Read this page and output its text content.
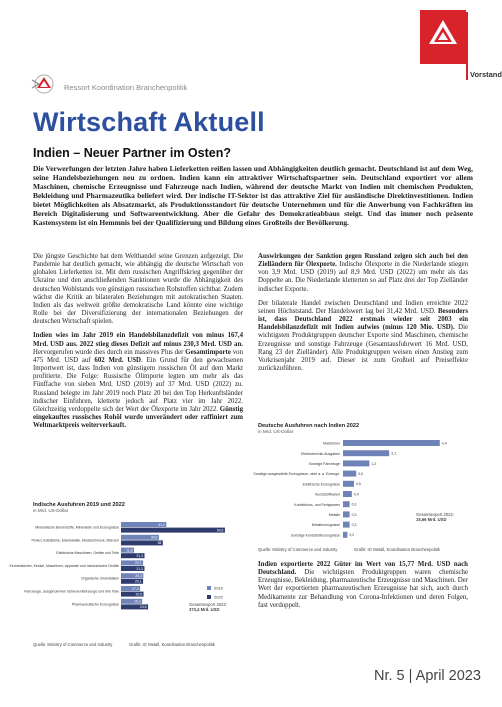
Vorstand
Ressort Koordination Branchenpolitik
Wirtschaft Aktuell
Indien – Neuer Partner im Osten?
Die Verwerfungen der letzten Jahre haben Lieferketten reißen lassen und Abhängigkeiten deutlich gemacht. Deutschland ist auf dem Weg, seine Handelsbeziehungen neu zu ordnen. Indien kann ein attraktiver Wirtschaftspartner sein. Deutschland exportiert vor allem Maschinen, chemische Erzeugnisse und Fahrzeuge nach Indien, während der deutsche Markt von Indien mit chemischen Produkten, Bekleidung und Pharmazeutika beliefert wird. Der indische IT-Sektor ist das attraktive Ziel für ausländische Direktinvestitionen. Indien bietet Möglichkeiten als Absatzmarkt, als Produktionsstandort für deutsche Unternehmen und für die Anwerbung von Fachkräften im Bereich Digitalisierung und Softwareentwicklung. Aber die Gefahr des Demokratieabbaus steigt. Und das immer noch präsente Kastensystem ist ein Hemmnis bei der Qualifizierung und Bildung eines Großteils der Bevölkerung.

Die jüngste Geschichte hat dem Welthandel seine Grenzen aufgezeigt. Die Pandemie hat deutlich gemacht, wie abhängig die deutsche Wirtschaft von globalen Lieferketten ist. Mit dem russischen Angriffskrieg gegenüber der Ukraine und den anschließenden Sanktionen wurde die Abhängigkeit des deutschen Wohlstands von günstigen russischen Rohstoffen sichtbar. Zudem wächst die Kritik an bilateralen Beziehungen mit autokratischen Staaten. Indien als das weltweit größte demokratische Land könnte eine wichtige Rolle bei der Diversifizierung der internationalen Beziehungen der deutschen Wirtschaft spielen.

Indien wies im Jahr 2019 ein Handelsbilanzdefizit von minus 167,4 Mrd. USD aus. 2022 stieg dieses Defizit auf minus 230,3 Mrd. USD an. Hervorgerufen wurde dies durch ein massives Plus der Gesamtimporte von 475 Mrd. USD auf 602 Mrd. USD. Ein Grund für den gewachsenen Importwert ist, dass Indien von günstigem russischen Öl auf dem Markt profitierte. Die Folge: Russische Ölimporte legten um mehr als das Fünffache von sieben Mrd. USD (2019) auf 37 Mrd. USD (2022) zu. Russland belegte im Jahr 2019 noch Platz 20 bei den Top Herkunftsländer indischer Einfuhren, kletterte jedoch auf Platz vier im Jahr 2022. Gleichzeitig verdoppelte sich der Wert der Ölexporte im Jahr 2022. Günstig eingekauftes russisches Rohöl wurde unverändert oder raffiniert zum Weltmarktpreis weiterverkauft.

Auswirkungen der Sanktion gegen Russland zeigen sich auch bei den Zielländern für Ölexporte. Indische Ölexporte in die Niederlande stiegen von 3,9 Mrd. USD (2019) auf 8,9 Mrd. USD (2022) um mehr als das Doppelte an. Die Niederlande kletterten so auf Platz drei der Top Zielländer indischer Exporte.

Der bilaterale Handel zwischen Deutschland und Indien erreichte 2022 seinen Höchststand. Der Handelswert lag bei 31,42 Mrd. USD. Besonders ist, dass Deutschland 2022 erstmals wieder seit 2003 ein Handelsbilanzdefizit mit Indien aufwies (minus 120 Mio. USD). Die wichtigsten Produktgruppen deutscher Exporte sind Maschinen, chemische Erzeugnisse und sonstige Fahrzeuge (Gesamtausfuhrwert 16 Mrd. USD, Rang 23 der Zielländer). Alle Produktgruppen weisen einen Anstieg zum Vorkrisenjahr 2019 auf. Dieser ist zum Großteil auf Preiseffekte zurückzuführen.

Indische Ausfuhren 2019 und 2022
in Mrd. US-Dollar
Mineralische Brennstoffe, Mineralöle und Erzeugnisse
41,2
94,5
Perlen, Edelsteine, Edelmetalle, Modeschmuck, Münzen
34,5
38
Elektrische Maschinen, Geräte und Teile
11,8
21,4
Kernreaktoren, Kessel, Maschinen, Apparate und mechanische Geräte
20,1
21,3
Organische Chemikalien
20,3
20,1
Fahrzeuge, ausgenommen Schienenfahrzeuge und ihre Teile
17,4
20,5
Pharmazeutische Erzeugnisse
19,2
24,6
2019
2022
Gesamtexport 2022:
373,4 Mrd. USD
Quelle: Ministry of Commerce and Industry	Grafik: IG Metall, Koordination Branchenpolitik
Deutsche Ausfuhren nach Indien 2022
in Mrd. US-Dollar
Maschinen	4,4
Elektrotechnik-Ausgaben	2,1
Sonstige Fahrzeuge	1,2
Sonstige ausgewählte Erzeugnisse, nicht a. a. Erzeugn.	0,6
Elektrische Erzeugnisse	0,5
Kunststoffwaren	0,4
Konfektions- und Fertigwaren	0,3
Metalle	0,3
Metallerzeugnisse	0,3
Sonstige Kunststofferzeugnisse	0,2
Gesamtexport 2022:
15,66 Mrd. USD
Quelle: Ministry of Commerce and Industry	Grafik: IG Metall, Koordination Branchenpolitik

Indien exportierte 2022 Güter im Wert von 15,77 Mrd. USD nach Deutschland. Die wichtigsten Produktgruppen waren chemische Erzeugnisse, Bekleidung, pharmazeutische Erzeugnisse und Maschinen. Der Wert der exportierten pharmazeutischen Erzeugnisse hat sich, auch durch Medikamente zur Behandlung von Corona-Infektionen und deren Folgen, fast verdoppelt.

Nr. 5 | April 2023
